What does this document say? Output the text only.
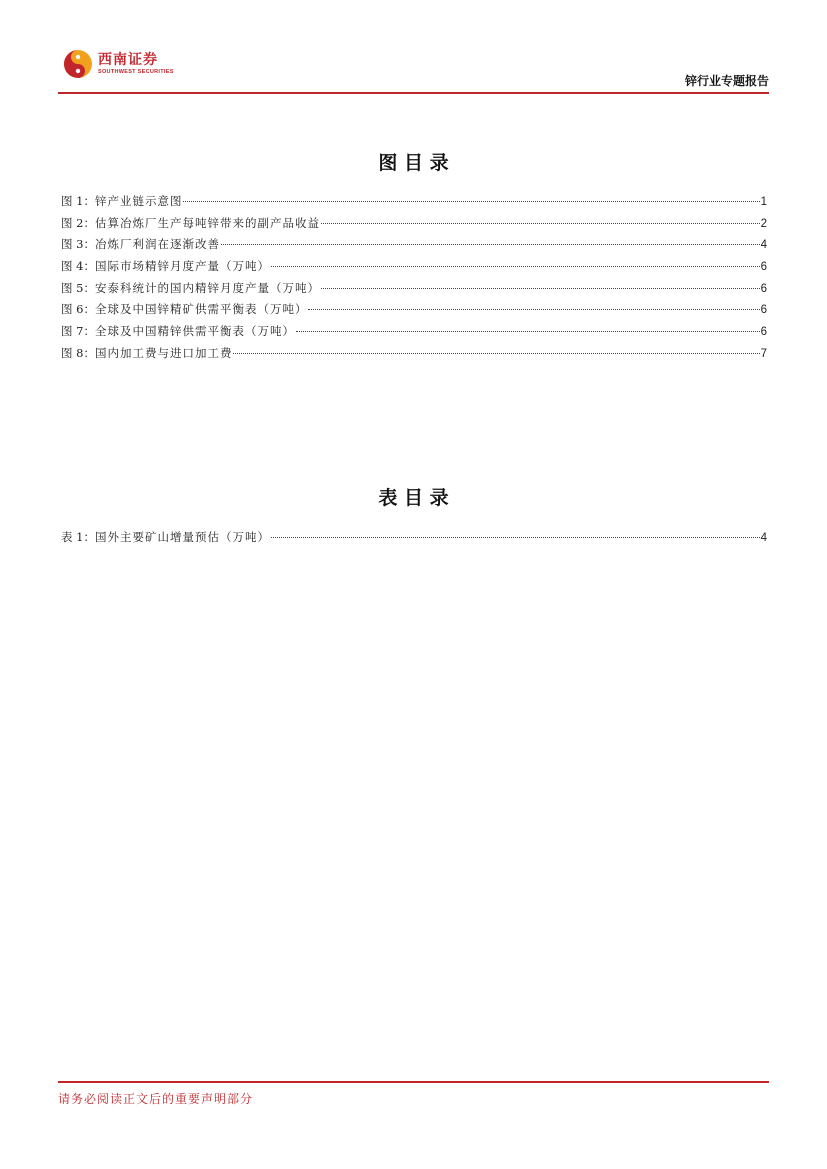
西南证券
SOUTHWEST SECURITIES
锌行业专题报告
图 目 录
图 1： 锌产业链示意图	1
图 2： 估算冶炼厂生产每吨锌带来的副产品收益	2
图 3： 冶炼厂利润在逐渐改善	4
图 4： 国际市场精锌月度产量（万吨）	6
图 5： 安泰科统计的国内精锌月度产量（万吨）	6
图 6： 全球及中国锌精矿供需平衡表（万吨）	6
图 7： 全球及中国精锌供需平衡表（万吨）	6
图 8： 国内加工费与进口加工费	7
表 目 录
表 1： 国外主要矿山增量预估（万吨）	4
请务必阅读正文后的重要声明部分
